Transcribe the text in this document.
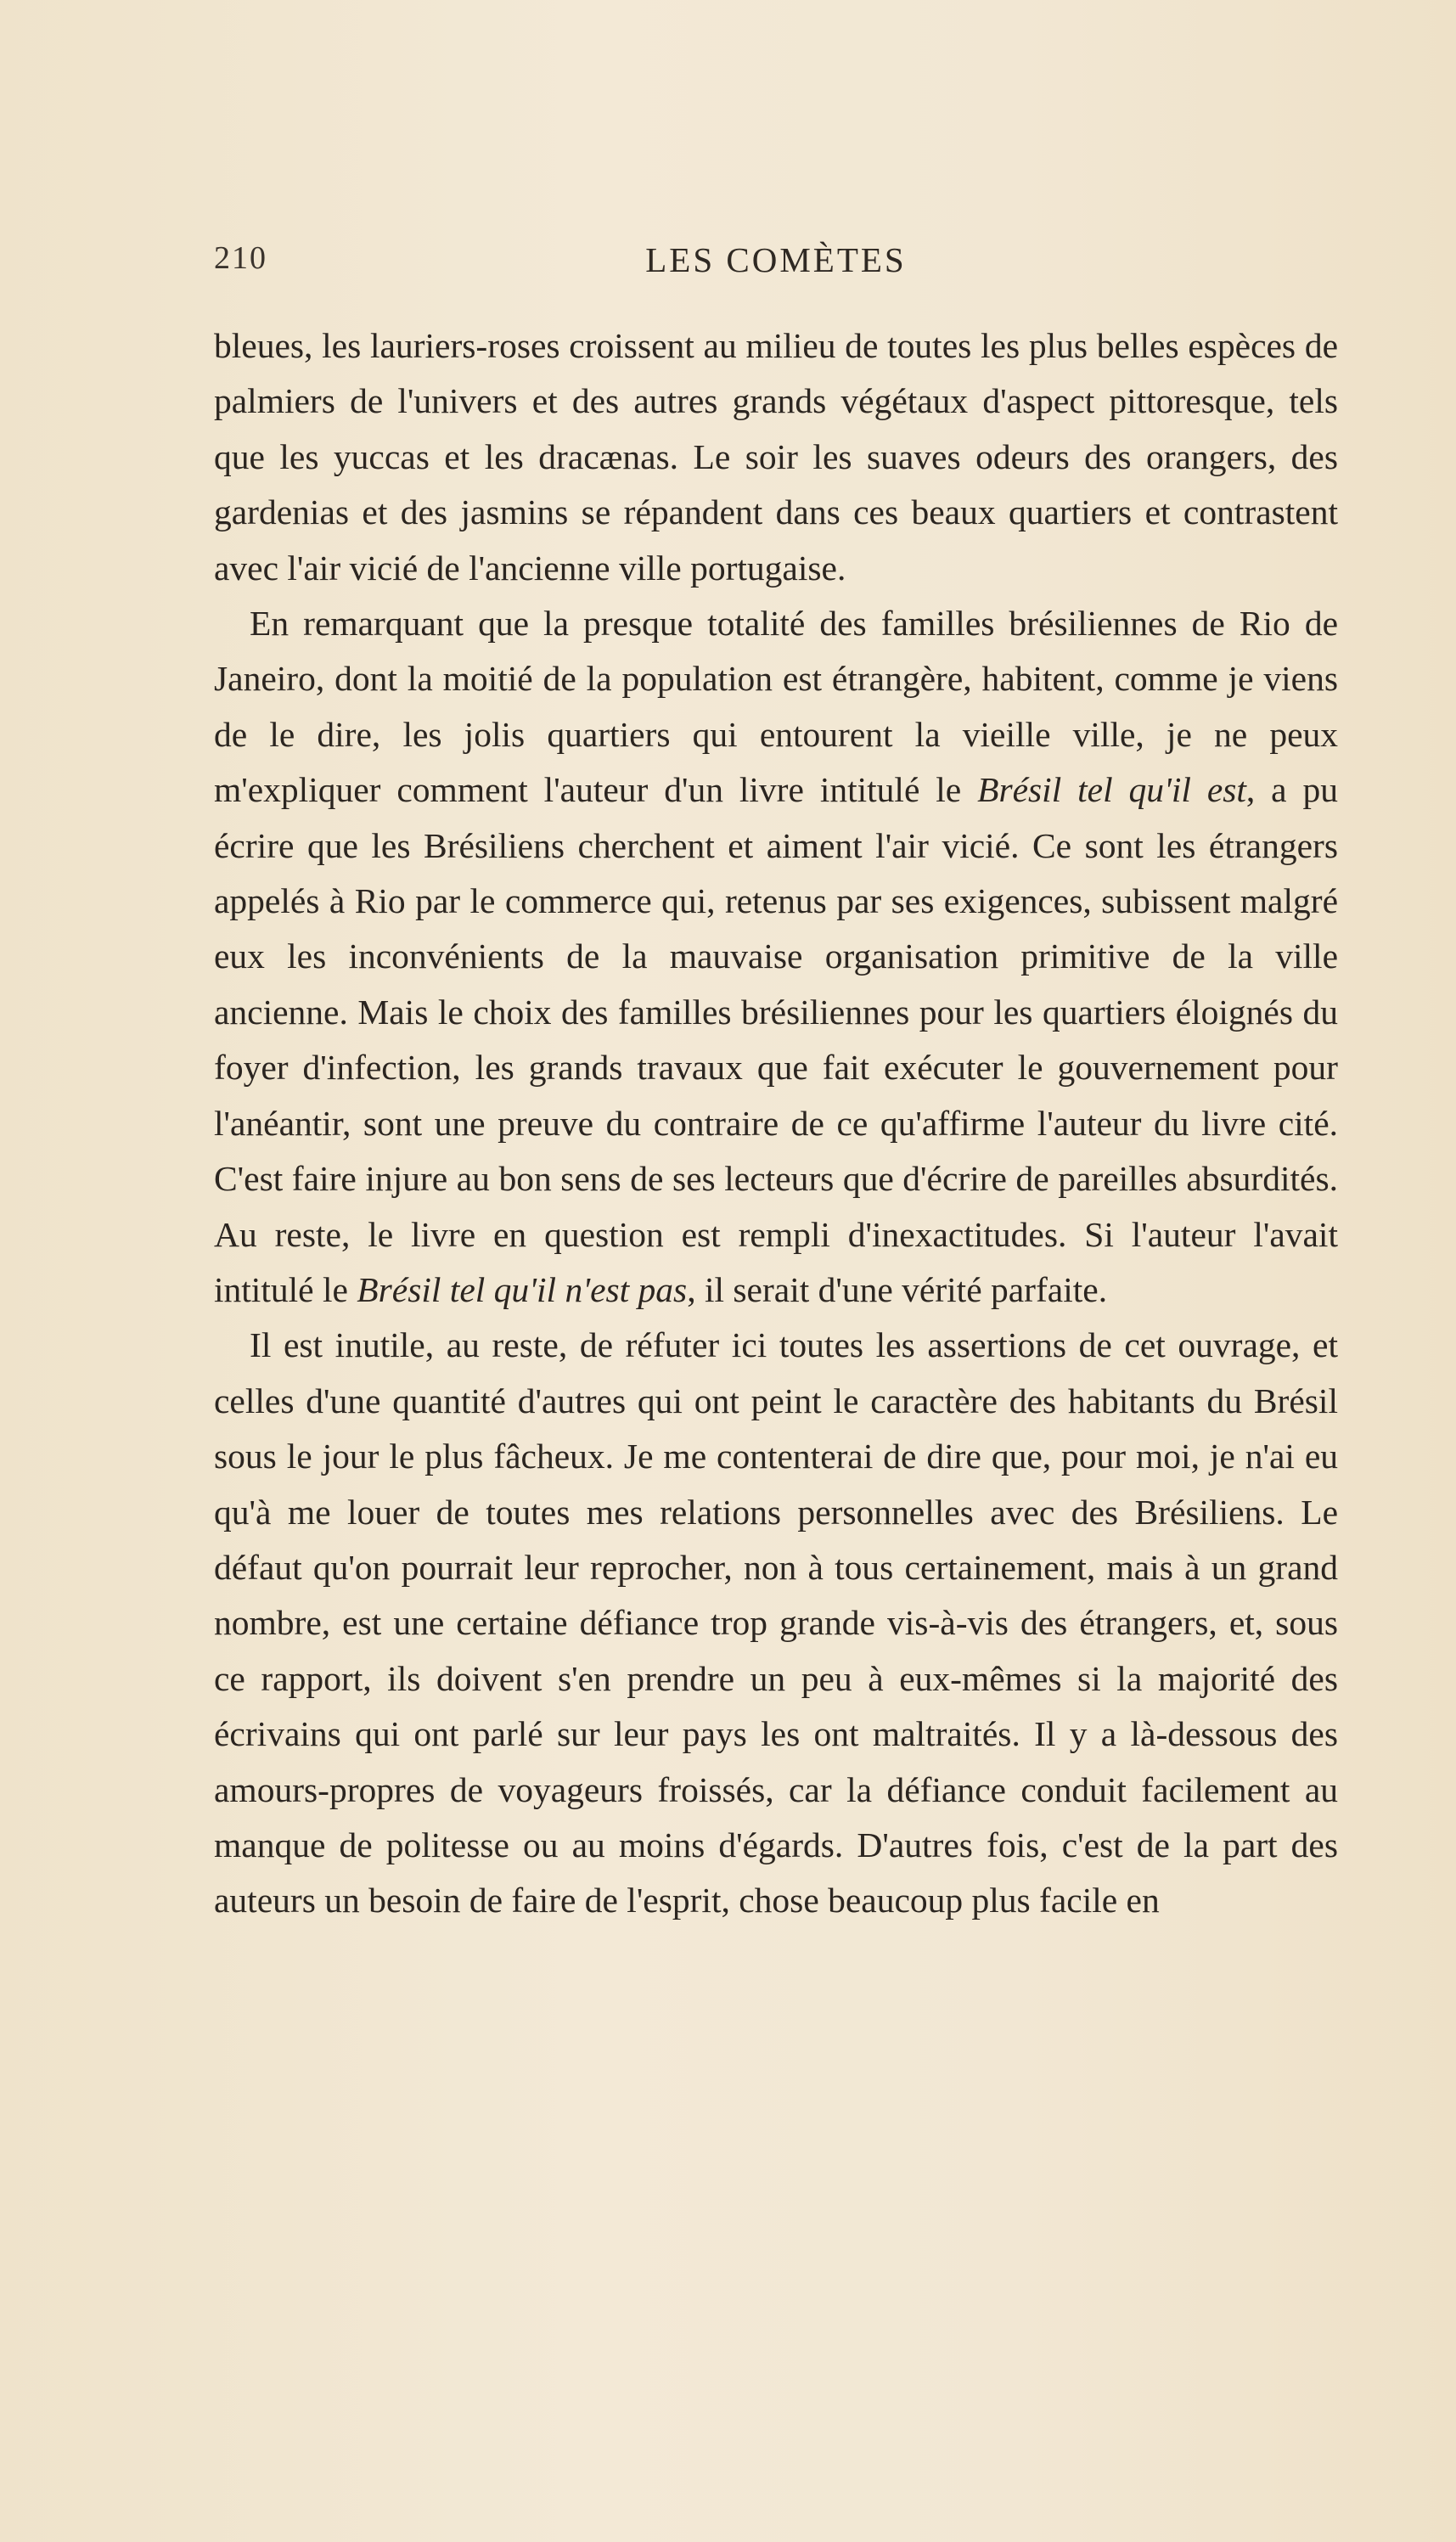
210	LES COMÈTES

bleues, les lauriers-roses croissent au milieu de toutes les plus belles espèces de palmiers de l'univers et des autres grands végétaux d'aspect pittoresque, tels que les yuccas et les dracænas. Le soir les suaves odeurs des orangers, des gardenias et des jasmins se répandent dans ces beaux quartiers et contrastent avec l'air vicié de l'ancienne ville portugaise.

En remarquant que la presque totalité des familles brésiliennes de Rio de Janeiro, dont la moitié de la population est étrangère, habitent, comme je viens de le dire, les jolis quartiers qui entourent la vieille ville, je ne peux m'expliquer comment l'auteur d'un livre intitulé le Brésil tel qu'il est, a pu écrire que les Brésiliens cherchent et aiment l'air vicié. Ce sont les étrangers appelés à Rio par le commerce qui, retenus par ses exigences, subissent malgré eux les inconvénients de la mauvaise organisation primitive de la ville ancienne. Mais le choix des familles brésiliennes pour les quartiers éloignés du foyer d'infection, les grands travaux que fait exécuter le gouvernement pour l'anéantir, sont une preuve du contraire de ce qu'affirme l'auteur du livre cité. C'est faire injure au bon sens de ses lecteurs que d'écrire de pareilles absurdités. Au reste, le livre en question est rempli d'inexactitudes. Si l'auteur l'avait intitulé le Brésil tel qu'il n'est pas, il serait d'une vérité parfaite.

Il est inutile, au reste, de réfuter ici toutes les assertions de cet ouvrage, et celles d'une quantité d'autres qui ont peint le caractère des habitants du Brésil sous le jour le plus fâcheux. Je me contenterai de dire que, pour moi, je n'ai eu qu'à me louer de toutes mes relations personnelles avec des Brésiliens. Le défaut qu'on pourrait leur reprocher, non à tous certainement, mais à un grand nombre, est une certaine défiance trop grande vis-à-vis des étrangers, et, sous ce rapport, ils doivent s'en prendre un peu à eux-mêmes si la majorité des écrivains qui ont parlé sur leur pays les ont maltraités. Il y a là-dessous des amours-propres de voyageurs froissés, car la défiance conduit facilement au manque de politesse ou au moins d'égards. D'autres fois, c'est de la part des auteurs un besoin de faire de l'esprit, chose beaucoup plus facile en
